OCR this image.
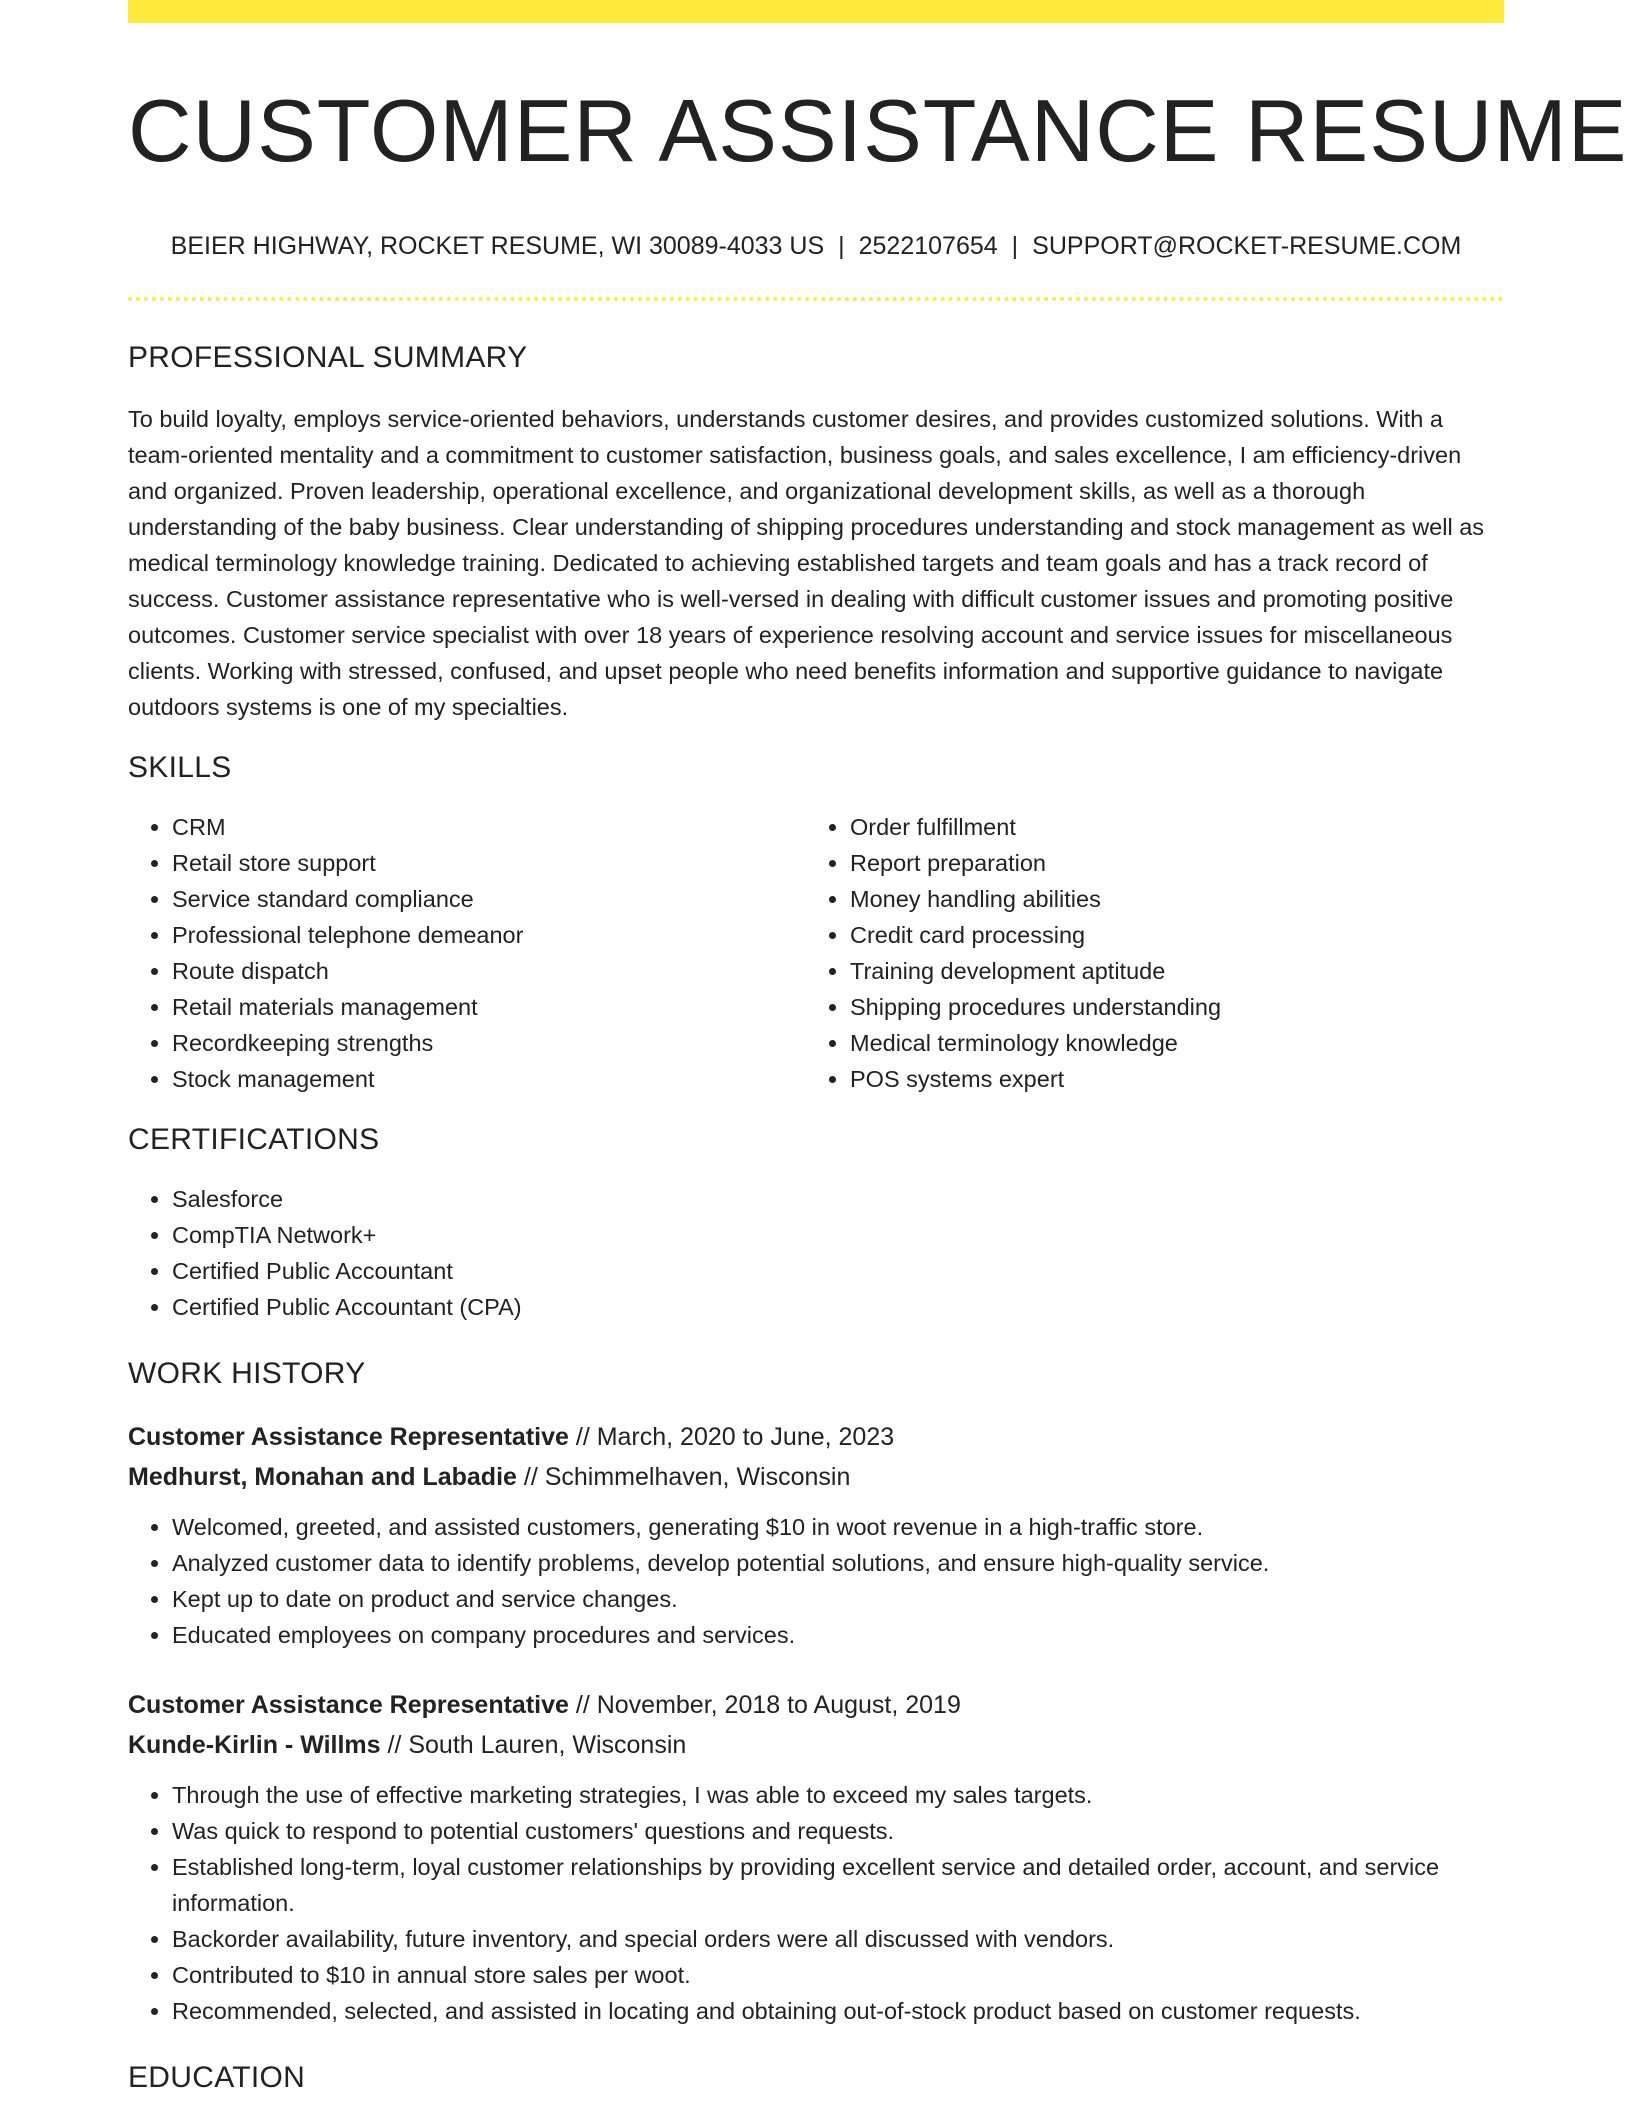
CUSTOMER ASSISTANCE RESUME
BEIER HIGHWAY, ROCKET RESUME, WI 30089-4033 US | 2522107654 | SUPPORT@ROCKET-RESUME.COM
PROFESSIONAL SUMMARY

To build loyalty, employs service-oriented behaviors, understands customer desires, and provides customized solutions. With a team-oriented mentality and a commitment to customer satisfaction, business goals, and sales excellence, I am efficiency-driven and organized. Proven leadership, operational excellence, and organizational development skills, as well as a thorough understanding of the baby business. Clear understanding of shipping procedures understanding and stock management as well as medical terminology knowledge training. Dedicated to achieving established targets and team goals and has a track record of success. Customer assistance representative who is well-versed in dealing with difficult customer issues and promoting positive outcomes. Customer service specialist with over 18 years of experience resolving account and service issues for miscellaneous clients. Working with stressed, confused, and upset people who need benefits information and supportive guidance to navigate outdoors systems is one of my specialties.

SKILLS
• CRM
• Retail store support
• Service standard compliance
• Professional telephone demeanor
• Route dispatch
• Retail materials management
• Recordkeeping strengths
• Stock management
• Order fulfillment
• Report preparation
• Money handling abilities
• Credit card processing
• Training development aptitude
• Shipping procedures understanding
• Medical terminology knowledge
• POS systems expert
CERTIFICATIONS
• Salesforce
• CompTIA Network+
• Certified Public Accountant
• Certified Public Accountant (CPA)
WORK HISTORY
Customer Assistance Representative // March, 2020 to June, 2023
Medhurst, Monahan and Labadie // Schimmelhaven, Wisconsin
• Welcomed, greeted, and assisted customers, generating $10 in woot revenue in a high-traffic store.
• Analyzed customer data to identify problems, develop potential solutions, and ensure high-quality service.
• Kept up to date on product and service changes.
• Educated employees on company procedures and services.
Customer Assistance Representative // November, 2018 to August, 2019
Kunde-Kirlin - Willms // South Lauren, Wisconsin
• Through the use of effective marketing strategies, I was able to exceed my sales targets.
• Was quick to respond to potential customers' questions and requests.
• Established long-term, loyal customer relationships by providing excellent service and detailed order, account, and service information.
• Backorder availability, future inventory, and special orders were all discussed with vendors.
• Contributed to $10 in annual store sales per woot.
• Recommended, selected, and assisted in locating and obtaining out-of-stock product based on customer requests.
EDUCATION
